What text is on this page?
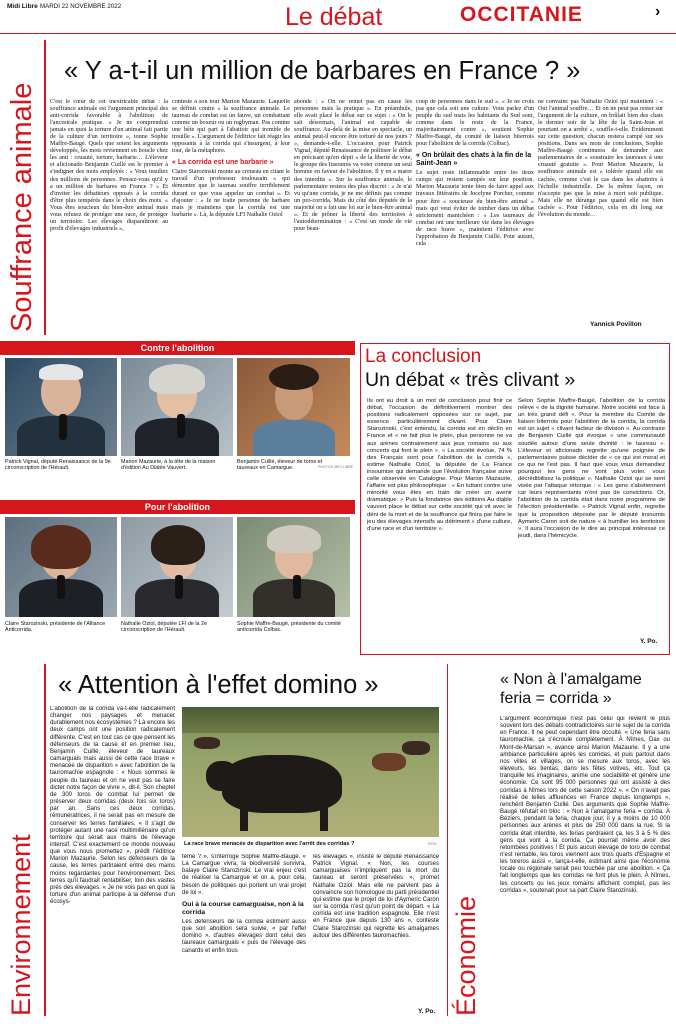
Midi Libre MARDI 22 NOVEMBRE 2022	Le débat	OCCITANIE	›
Souffrance animale
« Y a-t-il un million de barbares en France ? »
C'est le cœur de cet inextricable débat : la souffrance animale est l'argument principal des anti-corrida favorable à l'abolition de l'ancestrale pratique. « Je ne comprendrai jamais en quoi la torture d'un animal fait partie de la culture d'un territoire », tonne Sophie Maffre-Baugé. Quels que soient les arguments développés, les mots reviennent en boucle chez les anti : cruauté, torture, barbarie… L'éleveur et aficionado Benjamin Cuillé est le premier à s'indigner des mots employés : « Vous insultez des millions de personnes. Pensez-vous qu'il y a un million de barbares en France ? » Et d'inviter les débatteurs opposés à la corrida d'être plus tempérés dans le choix des mots. « Vous êtes soucieux du bien-être animal mais vous refusez de protéger une race, de protéger un territoire. Les élevages disparaîtront au profit d'élevages industriels »,
conteste à son tour Marion Mazaurie. Laquelle se définit contre « la souffrance animale. Le taureau de combat est un fauve, un combattant comme un boxeur ou un rugbyman. Pas comme une bête qui part à l'abattoir qui tremble de trouille ». L'argument de l'éditrice fait réagir les opposants à la corrida qui s'insurgent, à leur tour, de la métaphore.
« La corrida est une barbarie »
Claire Starozinski monte au créneau en citant le travail d'un professeur toulousain « qui démontre que le taureau souffre terriblement durant ce que vous appelez un combat ». Et d'ajouter : « Je ne traite personne de barbare mais je maintiens que la corrida est une barbarie ». Là, la députée LFI Nathalie Oziol
abonde : « On ne remet pas en cause les personnes mais la pratique ». En préambule, elle avait placé le débat sur ce sujet : « On le sait désormais, l'animal est capable de souffrance. Au-delà de la mise en spectacle, un animal peut-il encore être torturé de nos jours ? », demande-t-elle. L'occasion pour Patrick Vignal, député Renaissance de politiser le débat en précisant qu'en dépit « de la liberté de vote, le groupe des Insoumis va voter comme un seul homme en faveur de l'abolition. Il y en a marre des interdits ». Sur la souffrance animale, le parlementaire restera des plus discret : « Je n'ai vu qu'une corrida, je ne me définis pas comme un pro-corrida. Mais du côté des députés de la majorité on a fait une loi sur le bien-être animal ». Et de prôner la liberté des territoires à l'autodétermination : « C'est un mode de vie pour beau-
coup de personnes dans le sud ». « Je ne crois pas que cela soit une culture. Vous parlez d'un peuple du sud mais les habitants du Sud sont, comme dans le reste de la France, majoritairement contre », soutient Sophie Maffre-Baugé, du comité de liaison biterrois pour l'abolition de la corrida (Colbac).
« On brûlait des chats à la fin de la Saint-Jean »
Le sujet reste inflammable entre les deux camps qui restent campés sur leur position. Marion Mazaurie tente bien de faire appel aux travaux littéraires de Jocelyne Porcher, comme pour être « soucieuse du bien-être animal » mais qui veut éviter de tomber dans un débat strictement manichéen : « Les taureaux de combat ont une meilleure vie dans les élevages de race brave », maintient l'éditrice avec l'approbation de Benjamin Cuillé. Pour autant, cela
ne convainc pas Nathalie Oziol qui maintient : « Oui l'animal souffre… Et on ne peut pas rester sur l'argument de la culture, on brûlait bien des chats le dernier soir de la fête de la Saint-Jean et pourtant on a arrêté », souffle-t-elle. Évidemment sur cette question, chacun restera campé sur ses positions. Dans ses mots de conclusions, Sophie Maffre-Baugé continuera de demander aux parlementaires de « soustraire les taureaux à une cruauté gratuite ». Pour Marion Mazaurie, la souffrance animale est « tolérée quand elle est cachée, comme c'est le cas dans les abattoirs à l'échelle industrielle. De la même façon, on n'accepte pas que la mise à mort soit publique. Mais elle ne dérange pas quand elle est bien cachée ». Pour l'éditrice, cela en dit long sur l'évolution du monde…
Yannick Povillon
Contre l'abolition
Patrick Vignal, député Renaissance de la 9e circonscription de l'Hérault.
Marion Mazaurie, à la tête de la maison d'édition Au Diable Vauvert.
Benjamin Cuillé, éleveur de toros et taureaux en Camargue.	PHOTOS MIDI LIBRE
Pour l'abolition
Claire Starozinski, présidente de l'Alliance Anticorrida.
Nathalie Oziol, députée LFI de la 2e circonscription de l'Hérault.
Sophie Maffre-Baugé, présidente du comité anticorrida Colbac.
La conclusion
Un débat « très clivant »
Ils ont eu droit à un mot de conclusion pour finir ce débat, l'occasion de définitivement montrer des positions radicalement opposées sur ce sujet, par essence particulièrement clivant. Pour Claire Starozinski, c'est entendu, la corrida est en déclin en France et « ne fait plus le plein, plus personne ne va aux arènes contrairement aux jeux romains ou aux concerts qui font le plein ». « La société évolue, 74 % des Français sont pour l'abolition de la corrida », estime Nathalie Oziol, la députée de La France insoumise qui demande que l'évolution française suive celle observée en Catalogne. Pour Marion Mazaurie, l'affaire est plus philosophique : « En luttant contre une minorité vous êtes en train de créer un avenir dramatique. » Puis la fondatrice des éditions Au diable vauvert place le débat sur cette société qui vit avec le déni de la mort et de la souffrance qui finira par faire le jeu des élevages intensifs au détriment « d'une culture, d'une race et d'un territoire ».
Selon Sophie Maffre-Baugé, l'abolition de la corrida relève « de la dignité humaine. Notre société est face à un très grand défi ». Pour la membre du Comité de liaison biterrois pour l'abolition de la corrida, la corrida est un sujet « clivant facteur de division ». Au contraire de Benjamin Cuillé qui évoque « une communauté soudée autour d'une seule divinité : le taureau ». L'éleveur et aficionado regrette qu'une poignée de parlementaires puisse décider de « ce qui est moral et ce qui ne l'est pas. Il faut que vous vous demandiez pourquoi les gens ne vont plus voter, vous décrédibilisez la politique ». Nathalie Oziol qui se sent visée par l'attaque rétorque : « Les gens s'abstiennent car leurs représentants n'ont pas de convictions. Or, l'abolition de la corrida était dans notre programme de l'élection présidentielle. » Patrick Vignal enfin, regrette que la proposition déposée par le député insoumis Aymeric Caron soit de nature « à humilier les territoires ». Il aura l'occasion de le dire au principal intéressé ce jeudi, dans l'hémicycle.
Y. Po.
Environnement
« Attention à l'effet domino »
L'abolition de la corrida va-t-elle radicalement changer nos paysages et menacer durablement nos écosystèmes ? Là encore les deux camps ont une position radicalement différente. C'est en tout cas ce que pensent les défenseurs de la cause et en premier lieu, Benjamin Cuillé, éleveur de taureaux camarguais mais aussi de cette race brave « menacée de disparition » avec l'abolition de la tauromachie espagnole : « Nous sommes le peuple du taureau et on ne veut pas se faire dicter notre façon de vivre », dit-il. Son cheptel de 300 toros de combat lui permet de préserver deux corridas (deux fois six toros) par an. Sans ces deux corridas, rémunératrices, il ne serait pas en mesure de conserver les terres familiales. « Il s'agit de protéger autant une race multimillénaire qu'un territoire qui serait aux mains de l'élevage intensif. C'est exactement ce monde nouveau que vous nous promettez », prédit l'éditrice Marion Mazaurie. Selon les défenseurs de la cause, les terres partiraient entre des mains moins regardantes pour l'environnement. Des terres qu'il faudrait rentabiliser, loin des vastes prés des élevages. « Je ne vois pas en quoi la torture d'un animal participe à la défense d'un écosys-
La race brave menacée de disparition avec l'arrêt des corridas ?	ROH
tème ? », s'interroge Sophie Maffre-Baugé. « La Camargue vivra, la biodiversité survivra, balaye Claire Starozinski. Le vrai enjeu c'est de réaliser la Camargue et on a, pour cela, besoin de politiques qui portent un vrai projet de loi ».
Oui à la course camarguaise, non à la corrida
Les défenseurs de la corrida estiment aussi que son abolition sera suivie, « par l'effet domino », d'autres élevages dont celui des taureaux camarguais « puis de l'élevage des canards et enfin tous
les élevages », insiste le député Renaissance Patrick Vignal. « Non, les courses camarguaises n'impliquent pas la mort du taureau et seront préservées », promet Nathalie Oziol. Mais elle ne parvient pas à convaincre son homologue du parti présidentiel qui estime que le projet de loi d'Aymeric Caron sur la corrida n'est qu'un point de départ. « La corrida est une tradition espagnole. Elle n'est en France que depuis 130 ans », conteste Claire Starozinski qui regrette les amalgames autour des différentes tauromachies.
Y. Po. Économie
« Non à l'amalgame feria = corrida »
L'argument économique n'est pas celui qui revient le plus souvent lors des débats contradictoires sur le sujet de la corrida en France. Il ne peut cependant être occulté. « Une feria sans tauromachie, ça s'écroule complètement. À Nîmes, Dax ou Mont-de-Marsan », avance ainsi Marion Mazaurie. Il y a une ambiance particulière après les corridas, et puis partout dans nos villes et villages, on se mesure aux toros, avec les éleveurs, les tientas, dans les fêtes votives, etc. Tout ça tranquille les imaginaires, anime une sociabilité et génère une économie. Ce sont 95 000 personnes qui ont assisté à des corridas à Nîmes lors de cette saison 2022 ». « On n'avait pas réalisé de telles affluences en France depuis longtemps », renchérit Benjamin Cuillé. Des arguments que Sophie Maffre-Baugé réfutait en bloc : « Non à l'amalgame feria = corrida. À Béziers, pendant la feria, chaque jour, il y a moins de 10 000 personnes aux arènes et plus de 250 000 dans la rue. Si la corrida était interdite, les ferias perdraient ça, les 3 à 5 % des gens qui vont à la corrida. Ça pourrait même avoir des retombées positives ! Et puis aucun élevage de toro de combat n'est rentable, les toros viennent aux trois quarts d'Espagne et les toreros aussi », lança-t-elle, estimant ainsi que l'économie locale ou régionale serait peu touchée par une abolition. « Ça fait longtemps que les corridas ne font plus le plein. À Nîmes, les concerts ou les jeux romains affichent complet, pas les corridas », soutenait pour sa part Claire Starozinski.
